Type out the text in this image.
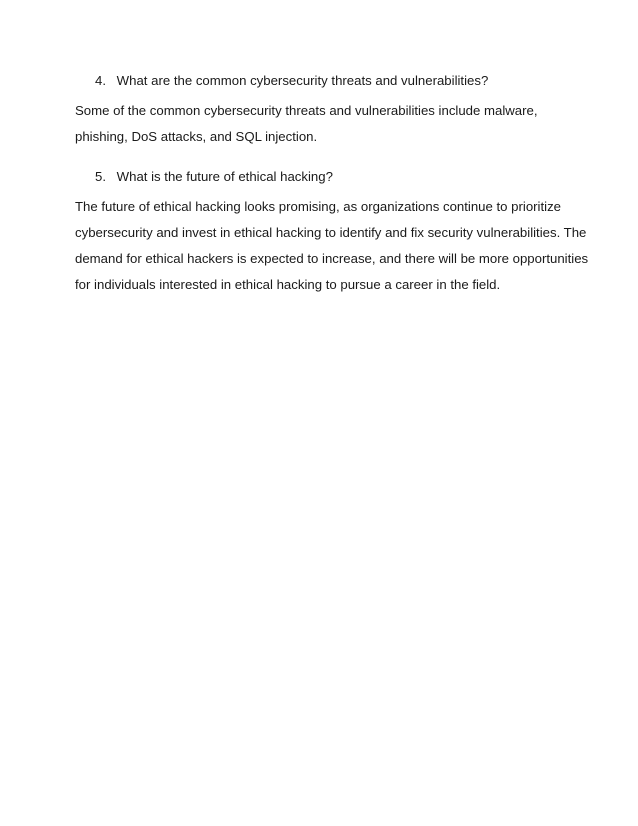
4. What are the common cybersecurity threats and vulnerabilities?
Some of the common cybersecurity threats and vulnerabilities include malware,
phishing, DoS attacks, and SQL injection.
5. What is the future of ethical hacking?
The future of ethical hacking looks promising, as organizations continue to prioritize
cybersecurity and invest in ethical hacking to identify and fix security vulnerabilities. The
demand for ethical hackers is expected to increase, and there will be more opportunities
for individuals interested in ethical hacking to pursue a career in the field.
